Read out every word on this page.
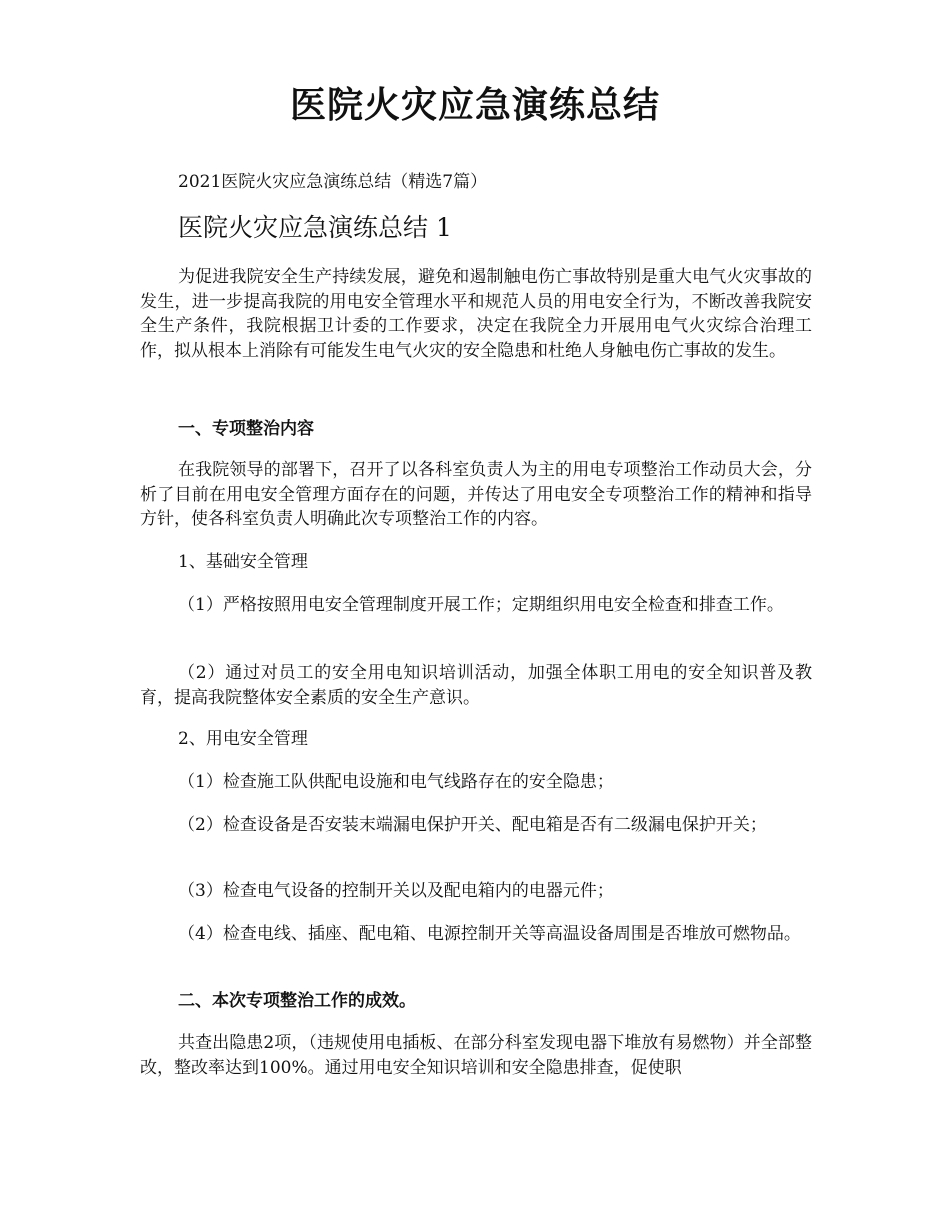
医院火灾应急演练总结
2021医院火灾应急演练总结（精选7篇）
医院火灾应急演练总结 1

为促进我院安全生产持续发展，避免和遏制触电伤亡事故特别是重大电气火灾事故的发生，进一步提高我院的用电安全管理水平和规范人员的用电安全行为，不断改善我院安全生产条件，我院根据卫计委的工作要求，决定在我院全力开展用电气火灾综合治理工作，拟从根本上消除有可能发生电气火灾的安全隐患和杜绝人身触电伤亡事故的发生。

一、专项整治内容

在我院领导的部署下，召开了以各科室负责人为主的用电专项整治工作动员大会，分析了目前在用电安全管理方面存在的问题，并传达了用电安全专项整治工作的精神和指导方针，使各科室负责人明确此次专项整治工作的内容。

1、基础安全管理

（1）严格按照用电安全管理制度开展工作；定期组织用电安全检查和排查工作。

（2）通过对员工的安全用电知识培训活动，加强全体职工用电的安全知识普及教育，提高我院整体安全素质的安全生产意识。

2、用电安全管理

（1）检查施工队供配电设施和电气线路存在的安全隐患；

（2）检查设备是否安装末端漏电保护开关、配电箱是否有二级漏电保护开关；

（3）检查电气设备的控制开关以及配电箱内的电器元件；

（4）检查电线、插座、配电箱、电源控制开关等高温设备周围是否堆放可燃物品。

二、本次专项整治工作的成效。

共查出隐患2项，（违规使用电插板、在部分科室发现电器下堆放有易燃物）并全部整改，整改率达到100%。通过用电安全知识培训和安全隐患排查，促使职
